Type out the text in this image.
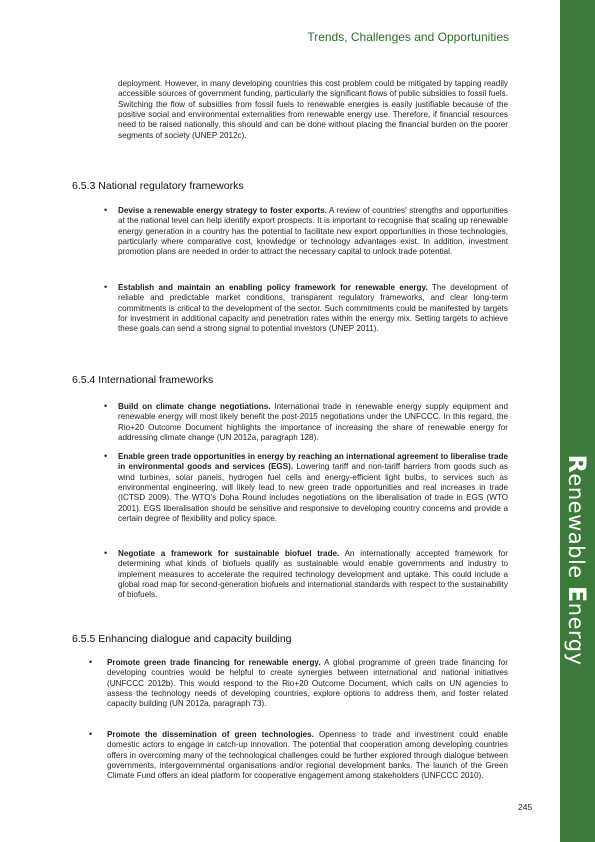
Renewable Energy
Trends, Challenges and Opportunities

deployment. However, in many developing countries this cost problem could be mitigated by tapping readily accessible sources of government funding, particularly the significant flows of public subsidies to fossil fuels. Switching the flow of subsidies from fossil fuels to renewable energies is easily justifiable because of the positive social and environmental externalities from renewable energy use. Therefore, if financial resources need to be raised nationally, this should and can be done without placing the financial burden on the poorer segments of society (UNEP 2012c).

6.5.3 National regulatory frameworks
• Devise a renewable energy strategy to foster exports. A review of countries' strengths and opportunities at the national level can help identify export prospects. It is important to recognise that scaling up renewable energy generation in a country has the potential to facilitate new export opportunities in those technologies, particularly where comparative cost, knowledge or technology advantages exist. In addition, investment promotion plans are needed in order to attract the necessary capital to unlock trade potential.

• Establish and maintain an enabling policy framework for renewable energy. The development of reliable and predictable market conditions, transparent regulatory frameworks, and clear long-term commitments is critical to the development of the sector. Such commitments could be manifested by targets for investment in additional capacity and penetration rates within the energy mix. Setting targets to achieve these goals can send a strong signal to potential investors (UNEP 2011).

6.5.4 International frameworks
• Build on climate change negotiations. International trade in renewable energy supply equipment and renewable energy will most likely benefit the post-2015 negotiations under the UNFCCC. In this regard, the Rio+20 Outcome Document highlights the importance of increasing the share of renewable energy for addressing climate change (UN 2012a, paragraph 128).

• Enable green trade opportunities in energy by reaching an international agreement to liberalise trade in environmental goods and services (EGS). Lowering tariff and non-tariff barriers from goods such as wind turbines, solar panels, hydrogen fuel cells and energy-efficient light bulbs, to services such as environmental engineering, will likely lead to new green trade opportunities and real increases in trade (ICTSD 2009). The WTO's Doha Round includes negotiations on the liberalisation of trade in EGS (WTO 2001). EGS liberalisation should be sensitive and responsive to developing country concerns and provide a certain degree of flexibility and policy space.

• Negotiate a framework for sustainable biofuel trade. An internationally accepted framework for determining what kinds of biofuels qualify as sustainable would enable governments and industry to implement measures to accelerate the required technology development and uptake. This could include a global road map for second-generation biofuels and international standards with respect to the sustainability of biofuels.

6.5.5 Enhancing dialogue and capacity building
• Promote green trade financing for renewable energy. A global programme of green trade financing for developing countries would be helpful to create synergies between international and national initiatives (UNFCCC 2012b). This would respond to the Rio+20 Outcome Document, which calls on UN agencies to assess the technology needs of developing countries, explore options to address them, and foster related capacity building (UN 2012a, paragraph 73).

• Promote the dissemination of green technologies. Openness to trade and investment could enable domestic actors to engage in catch-up innovation. The potential that cooperation among developing countries offers in overcoming many of the technological challenges could be further explored through dialogue between governments, intergovernmental organisations and/or regional development banks. The launch of the Green Climate Fund offers an ideal platform for cooperative engagement among stakeholders (UNFCCC 2010).

245
